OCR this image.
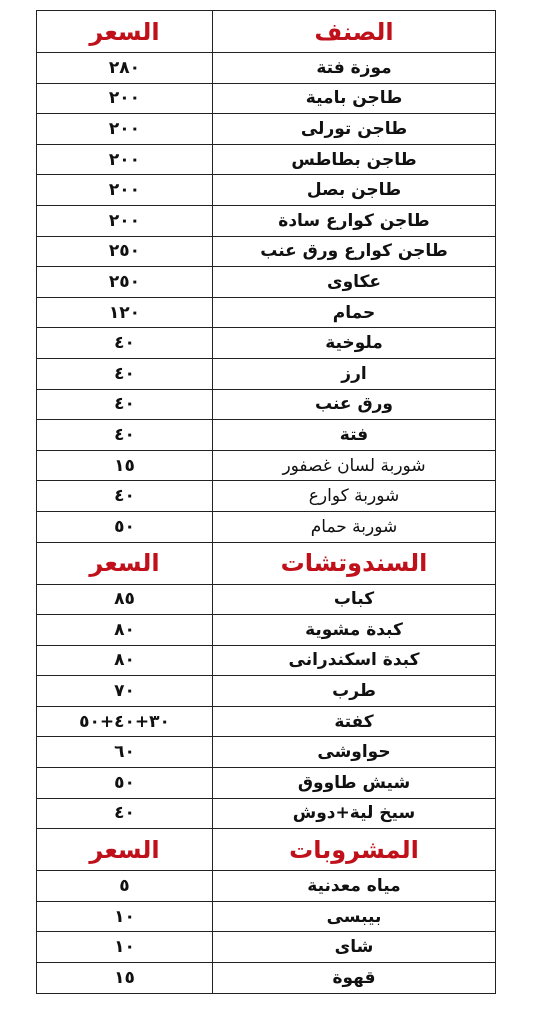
الصنف	السعر
موزة فتة	٢٨٠
طاجن بامية	٢٠٠
طاجن تورلى	٢٠٠
طاجن بطاطس	٢٠٠
طاجن بصل	٢٠٠
طاجن كوارع سادة	٢٠٠
طاجن كوارع ورق عنب	٢٥٠
عكاوى	٢٥٠
حمام	١٢٠
ملوخية	٤٠
ارز	٤٠
ورق عنب	٤٠
فتة	٤٠
شوربة لسان غصفور	١٥
شوربة كوارع	٤٠
شوربة حمام	٥٠
السندوتشات	السعر
كباب	٨٥
كبدة مشوية	٨٠
كبدة اسكندرانى	٨٠
طرب	٧٠
كفتة	٣٠+٤٠+٥٠
حواوشى	٦٠
شيش طاووق	٥٠
سيخ لية+دوش	٤٠
المشروبات	السعر
مياه معدنية	٥
بيبسى	١٠
شاى	١٠
قهوة	١٥
